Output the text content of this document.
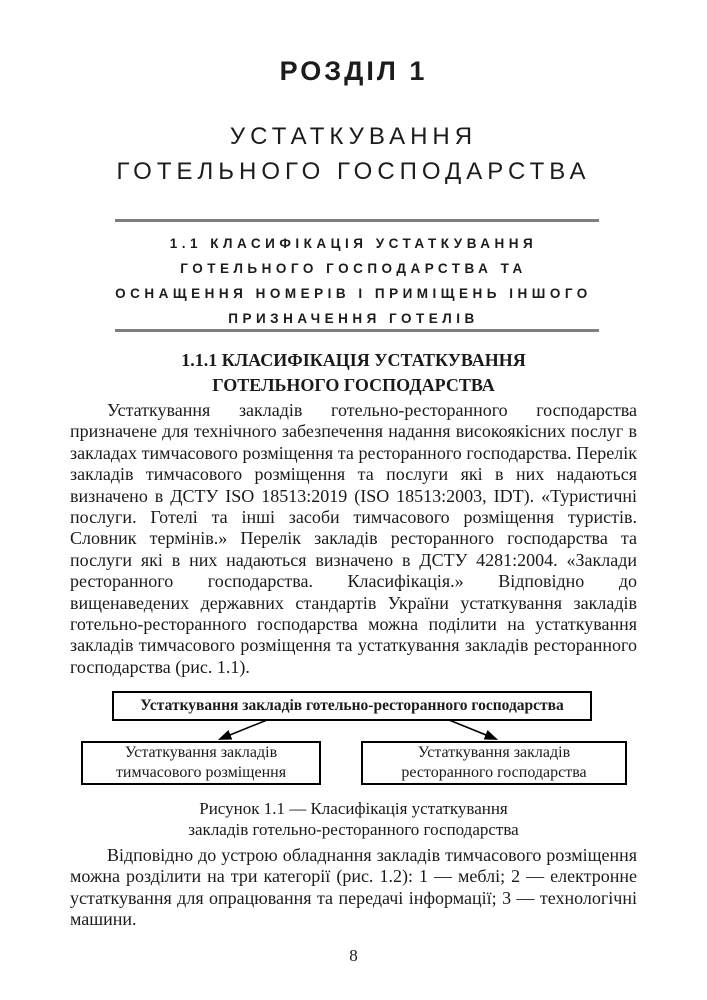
РОЗДІЛ 1
УСТАТКУВАННЯ
ГОТЕЛЬНОГО ГОСПОДАРСТВА
1.1 КЛАСИФІКАЦІЯ УСТАТКУВАННЯ
ГОТЕЛЬНОГО ГОСПОДАРСТВА ТА
ОСНАЩЕННЯ НОМЕРІВ І ПРИМІЩЕНЬ ІНШОГО
ПРИЗНАЧЕННЯ ГОТЕЛІВ
1.1.1 КЛАСИФІКАЦІЯ УСТАТКУВАННЯ
ГОТЕЛЬНОГО ГОСПОДАРСТВА

Устаткування закладів готельно-ресторанного господарства призначене для технічного забезпечення надання високоякісних послуг в закладах тимчасового розміщення та ресторанного господарства. Перелік закладів тимчасового розміщення та послуги які в них надаються визначено в ДСТУ ISO 18513:2019 (ISO 18513:2003, IDT). «Туристичні послуги. Готелі та інші засоби тимчасового розміщення туристів. Словник термінів.» Перелік закладів ресторанного господарства та послуги які в них надаються визначено в ДСТУ 4281:2004. «Заклади ресторанного господарства. Класифікація.» Відповідно до вищенаведених державних стандартів України устаткування закладів готельно-ресторанного господарства можна поділити на устаткування закладів тимчасового розміщення та устаткування закладів ресторанного господарства (рис. 1.1).

Устаткування закладів готельно-ресторанного господарства
Устаткування закладів тимчасового розміщення
Устаткування закладів ресторанного господарства
Рисунок 1.1 — Класифікація устаткування
закладів готельно-ресторанного господарства

Відповідно до устрою обладнання закладів тимчасового розміщення можна розділити на три категорії (рис. 1.2): 1 — меблі; 2 — електронне устаткування для опрацювання та передачі інформації; 3 — технологічні машини.

8
